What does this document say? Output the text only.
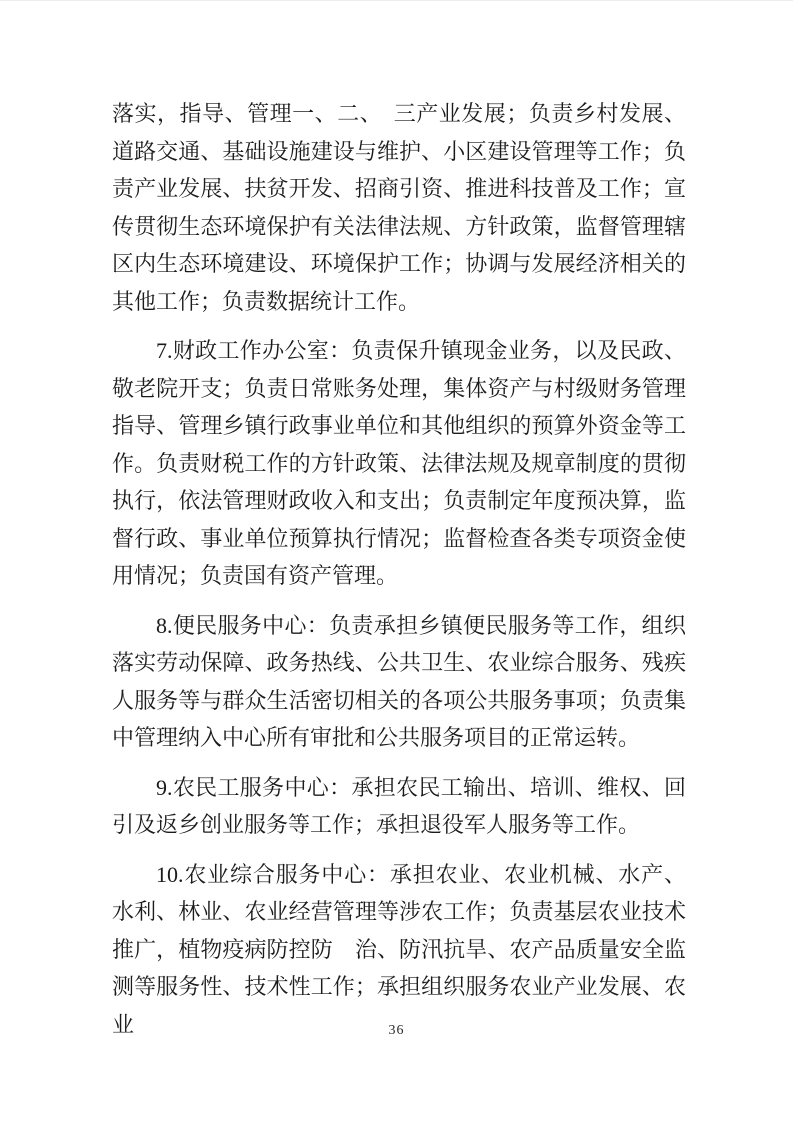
落实，指导、管理一、二、　三产业发展；负责乡村发展、道路交通、基础设施建设与维护、小区建设管理等工作；负责产业发展、扶贫开发、招商引资、推进科技普及工作；宣传贯彻生态环境保护有关法律法规、方针政策，监督管理辖区内生态环境建设、环境保护工作；协调与发展经济相关的其他工作；负责数据统计工作。

7.财政工作办公室：负责保升镇现金业务，以及民政、敬老院开支；负责日常账务处理，集体资产与村级财务管理指导、管理乡镇行政事业单位和其他组织的预算外资金等工作。负责财税工作的方针政策、法律法规及规章制度的贯彻执行，依法管理财政收入和支出；负责制定年度预决算，监督行政、事业单位预算执行情况；监督检查各类专项资金使用情况；负责国有资产管理。

8.便民服务中心：负责承担乡镇便民服务等工作，组织落实劳动保障、政务热线、公共卫生、农业综合服务、残疾人服务等与群众生活密切相关的各项公共服务事项；负责集中管理纳入中心所有审批和公共服务项目的正常运转。

9.农民工服务中心：承担农民工输出、培训、维权、回引及返乡创业服务等工作；承担退役军人服务等工作。

10.农业综合服务中心：承担农业、农业机械、水产、水利、林业、农业经营管理等涉农工作；负责基层农业技术推广，植物疫病防控防　治、防汛抗旱、农产品质量安全监测等服务性、技术性工作；承担组织服务农业产业发展、农业	36
